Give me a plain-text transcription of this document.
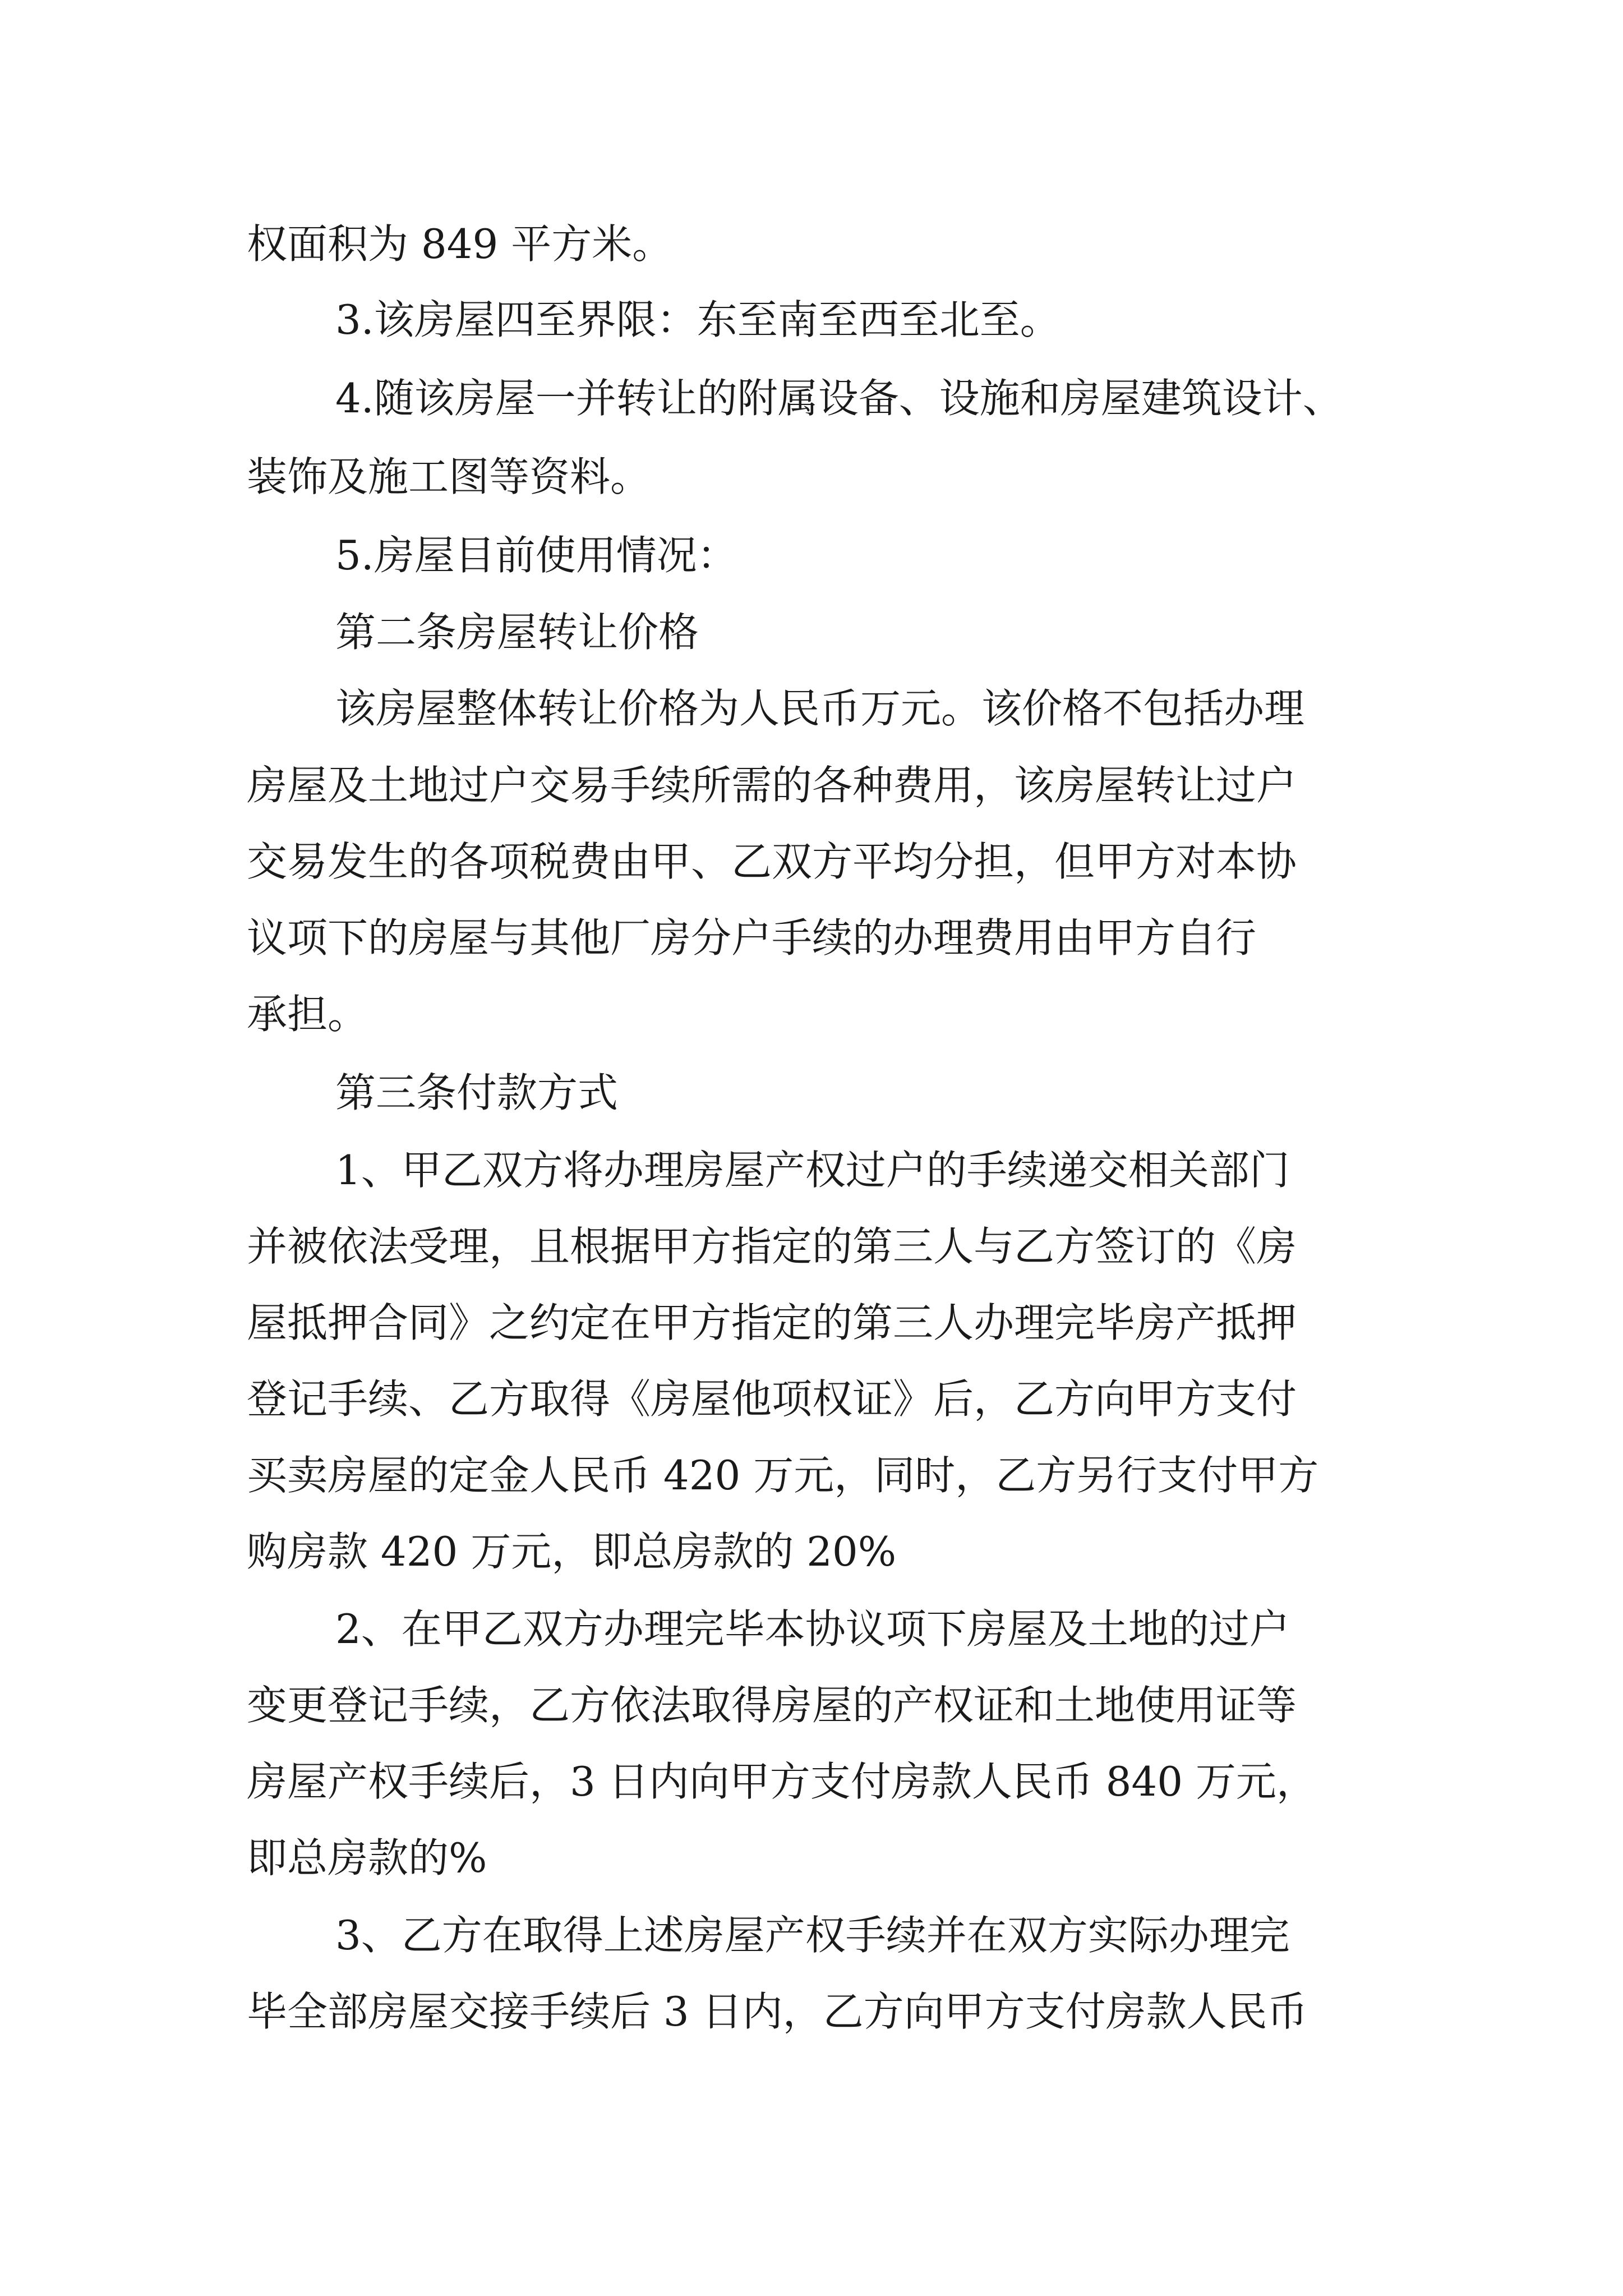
权面积为 849 平方米。

3.该房屋四至界限：东至南至西至北至。

4.随该房屋一并转让的附属设备、设施和房屋建筑设计、

装饰及施工图等资料。

5.房屋目前使用情况：

第二条房屋转让价格

该房屋整体转让价格为人民币万元。该价格不包括办理

房屋及土地过户交易手续所需的各种费用，该房屋转让过户

交易发生的各项税费由甲、乙双方平均分担，但甲方对本协

议项下的房屋与其他厂房分户手续的办理费用由甲方自行

承担。

第三条付款方式

1、甲乙双方将办理房屋产权过户的手续递交相关部门

并被依法受理，且根据甲方指定的第三人与乙方签订的《房

屋抵押合同》之约定在甲方指定的第三人办理完毕房产抵押

登记手续、乙方取得《房屋他项权证》后，乙方向甲方支付

买卖房屋的定金人民币 420 万元，同时，乙方另行支付甲方

购房款 420 万元，即总房款的 20%

2、在甲乙双方办理完毕本协议项下房屋及土地的过户

变更登记手续，乙方依法取得房屋的产权证和土地使用证等

房屋产权手续后，3 日内向甲方支付房款人民币 840 万元，

即总房款的%

3、乙方在取得上述房屋产权手续并在双方实际办理完

毕全部房屋交接手续后 3 日内，乙方向甲方支付房款人民币
